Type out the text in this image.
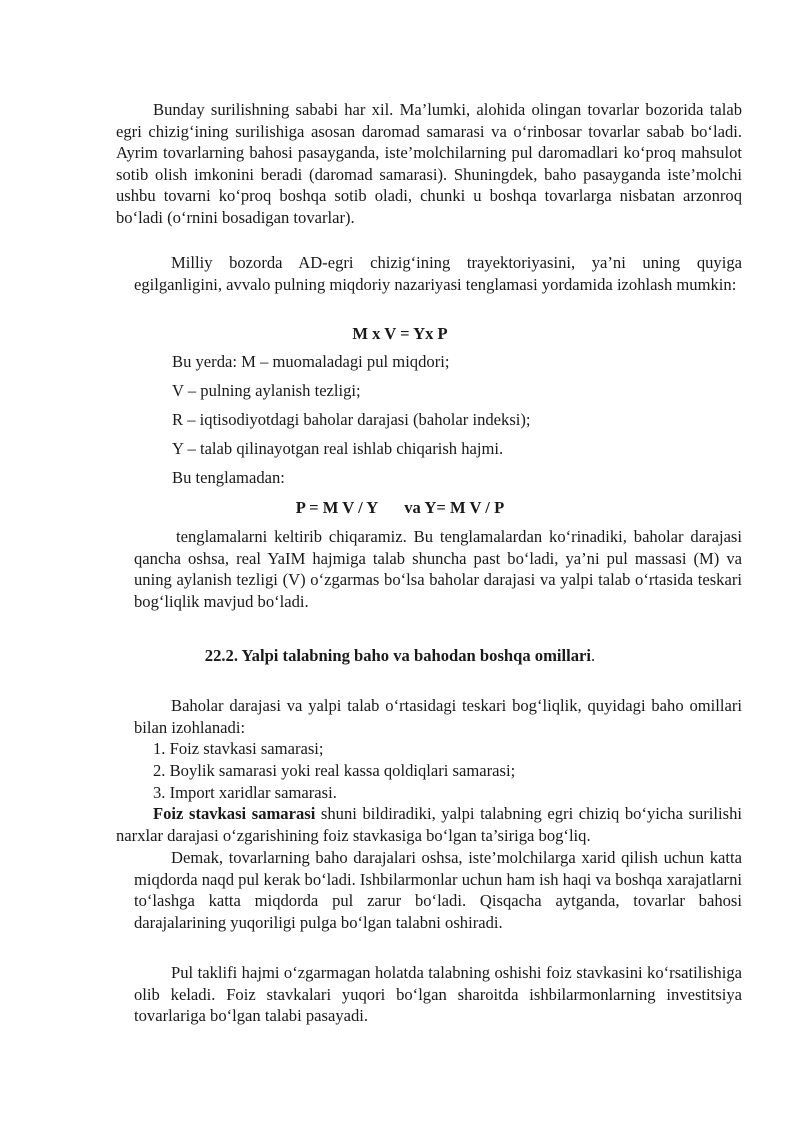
Bunday surilishning sababi har xil. Ma’lumki, alohida olingan tovarlar bozorida talab egri chizig‘ining surilishiga asosan daromad samarasi va o‘rinbosar tovarlar sabab bo‘ladi. Ayrim tovarlarning bahosi pasayganda, iste’molchilarning pul daromadlari ko‘proq mahsulot sotib olish imkonini beradi (daromad samarasi). Shuningdek, baho pasayganda iste’molchi ushbu tovarni ko‘proq boshqa sotib oladi, chunki u boshqa tovarlarga nisbatan arzonroq bo‘ladi (o‘rnini bosadigan tovarlar).

Milliy bozorda AD-egri chizig‘ining trayektoriyasini, ya’ni uning quyiga egilganligini, avvalo pulning miqdoriy nazariyasi tenglamasi yordamida izohlash mumkin:

M x V = Yx P

Bu yerda: M – muomaladagi pul miqdori;

V – pulning aylanish tezligi;

R – iqtisodiyotdagi baholar darajasi (baholar indeksi);

Y – talab qilinayotgan real ishlab chiqarish hajmi.

Bu tenglamadan:

P = M V / Y va Y= M V / P

tenglamalarni keltirib chiqaramiz. Bu tenglamalardan ko‘rinadiki, baholar darajasi qancha oshsa, real YaIM hajmiga talab shuncha past bo‘ladi, ya’ni pul massasi (M) va uning aylanish tezligi (V) o‘zgarmas bo‘lsa baholar darajasi va yalpi talab o‘rtasida teskari bog‘liqlik mavjud bo‘ladi.

22.2. Yalpi talabning baho va bahodan boshqa omillari.

Baholar darajasi va yalpi talab o‘rtasidagi teskari bog‘liqlik, quyidagi baho omillari bilan izohlanadi:

1. Foiz stavkasi samarasi;

2. Boylik samarasi yoki real kassa qoldiqlari samarasi;

3. Import xaridlar samarasi.

Foiz stavkasi samarasi shuni bildiradiki, yalpi talabning egri chiziq bo‘yicha surilishi narxlar darajasi o‘zgarishining foiz stavkasiga bo‘lgan ta’siriga bog‘liq.

Demak, tovarlarning baho darajalari oshsa, iste’molchilarga xarid qilish uchun katta miqdorda naqd pul kerak bo‘ladi. Ishbilarmonlar uchun ham ish haqi va boshqa xarajatlarni to‘lashga katta miqdorda pul zarur bo‘ladi. Qisqacha aytganda, tovarlar bahosi darajalarining yuqoriligi pulga bo‘lgan talabni oshiradi.

Pul taklifi hajmi o‘zgarmagan holatda talabning oshishi foiz stavkasini ko‘rsatilishiga olib keladi. Foiz stavkalari yuqori bo‘lgan sharoitda ishbilarmonlarning investitsiya tovarlariga bo‘lgan talabi pasayadi.
